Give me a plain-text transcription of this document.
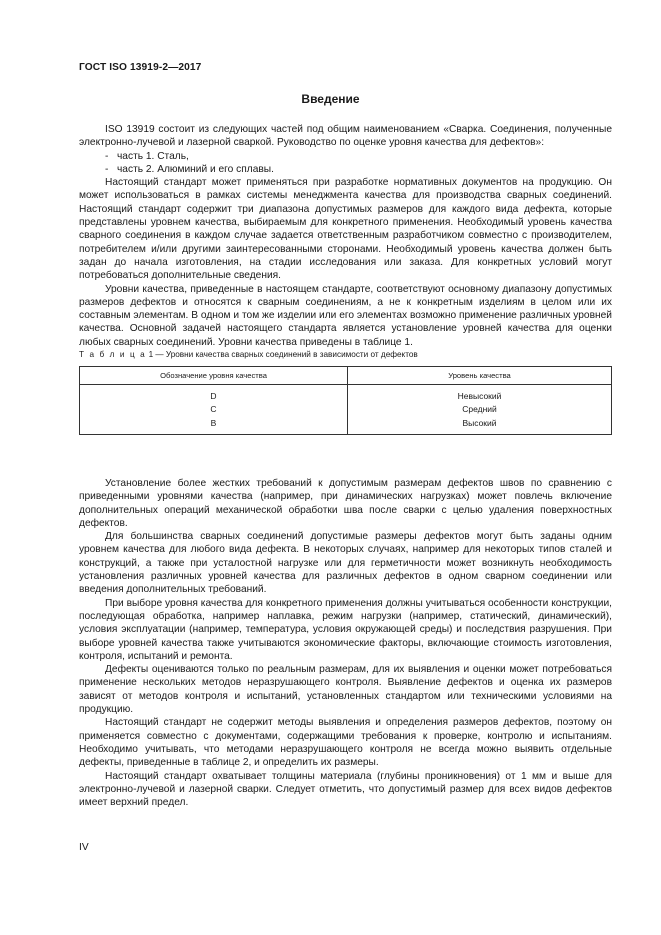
ГОСТ ISO 13919-2—2017
Введение

ISO 13919 состоит из следующих частей под общим наименованием «Сварка. Соединения, полученные электронно-лучевой и лазерной сваркой. Руководство по оценке уровня качества для дефектов»:

- часть 1. Сталь,

- часть 2. Алюминий и его сплавы.

Настоящий стандарт может применяться при разработке нормативных документов на продукцию. Он может использоваться в рамках системы менеджмента качества для производства сварных соединений. Настоящий стандарт содержит три диапазона допустимых размеров для каждого вида дефекта, которые представлены уровнем качества, выбираемым для конкретного применения. Необходимый уровень качества сварного соединения в каждом случае задается ответственным разработчиком совместно с производителем, потребителем и/или другими заинтересованными сторонами. Необходимый уровень качества должен быть задан до начала изготовления, на стадии исследования или заказа. Для конкретных условий могут потребоваться дополнительные сведения.

Уровни качества, приведенные в настоящем стандарте, соответствуют основному диапазону допустимых размеров дефектов и относятся к сварным соединениям, а не к конкретным изделиям в целом или их составным элементам. В одном и том же изделии или его элементах возможно применение различных уровней качества. Основной задачей настоящего стандарта является установление уровней качества для оценки любых сварных соединений. Уровни качества приведены в таблице 1.

Т а б л и ц а 1 — Уровни качества сварных соединений в зависимости от дефектов
Обозначение уровня качества	Уровень качества
D	Невысокий
C	Средний
B	Высокий

Установление более жестких требований к допустимым размерам дефектов швов по сравнению с приведенными уровнями качества (например, при динамических нагрузках) может повлечь включение дополнительных операций механической обработки шва после сварки с целью удаления поверхностных дефектов.

Для большинства сварных соединений допустимые размеры дефектов могут быть заданы одним уровнем качества для любого вида дефекта. В некоторых случаях, например для некоторых типов сталей и конструкций, а также при усталостной нагрузке или для герметичности может возникнуть необходимость установления различных уровней качества для различных дефектов в одном сварном соединении или введения дополнительных требований.

При выборе уровня качества для конкретного применения должны учитываться особенности конструкции, последующая обработка, например наплавка, режим нагрузки (например, статический, динамический), условия эксплуатации (например, температура, условия окружающей среды) и последствия разрушения. При выборе уровней качества также учитываются экономические факторы, включающие стоимость изготовления, контроля, испытаний и ремонта.

Дефекты оцениваются только по реальным размерам, для их выявления и оценки может потребоваться применение нескольких методов неразрушающего контроля. Выявление дефектов и оценка их размеров зависят от методов контроля и испытаний, установленных стандартом или техническими условиями на продукцию.

Настоящий стандарт не содержит методы выявления и определения размеров дефектов, поэтому он применяется совместно с документами, содержащими требования к проверке, контролю и испытаниям. Необходимо учитывать, что методами неразрушающего контроля не всегда можно выявить отдельные дефекты, приведенные в таблице 2, и определить их размеры.

Настоящий стандарт охватывает толщины материала (глубины проникновения) от 1 мм и выше для электронно-лучевой и лазерной сварки. Следует отметить, что допустимый размер для всех видов дефектов имеет верхний предел.

IV
